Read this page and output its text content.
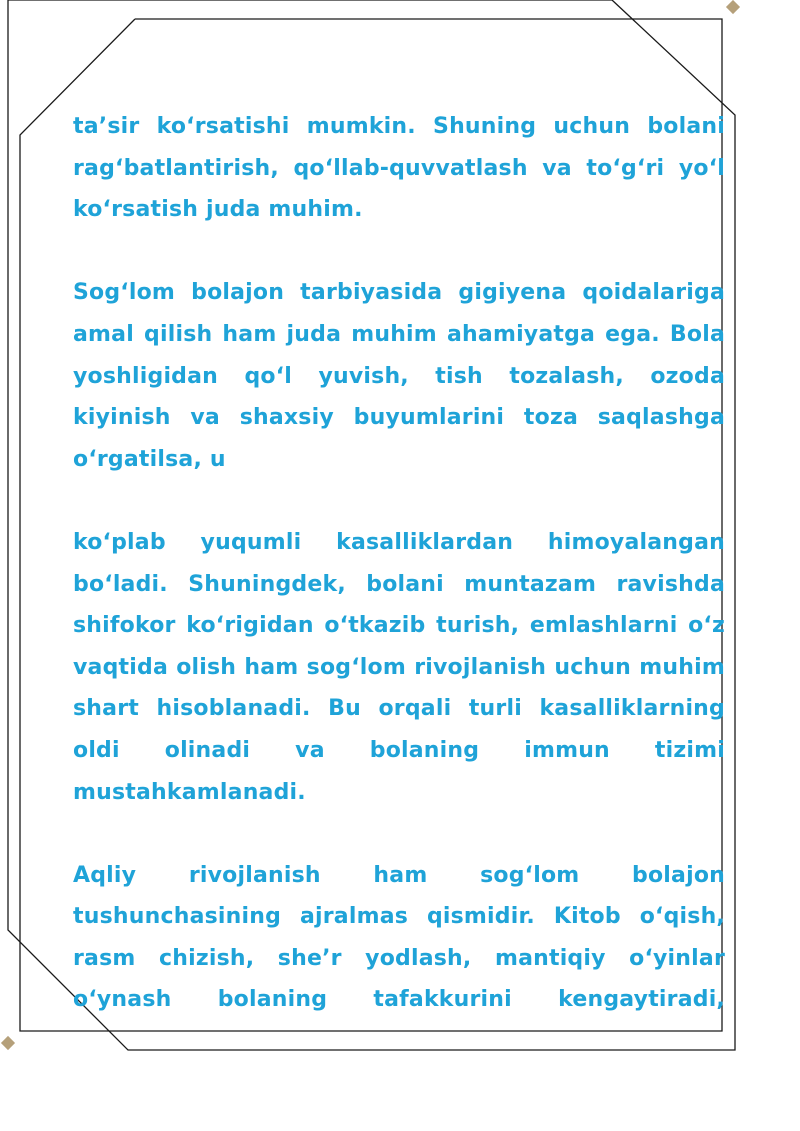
ta’sir ko‘rsatishi mumkin. Shuning uchun bolani rag‘batlantirish, qo‘llab-quvvatlash va to‘g‘ri yo‘l ko‘rsatish juda muhim.

Sog‘lom bolajon tarbiyasida gigiyena qoidalariga amal qilish ham juda muhim ahamiyatga ega. Bola yoshligidan qo‘l yuvish, tish tozalash, ozoda kiyinish va shaxsiy buyumlarini toza saqlashga o‘rgatilsa, u

ko‘plab yuqumli kasalliklardan himoyalangan bo‘ladi. Shuningdek, bolani muntazam ravishda shifokor ko‘rigidan o‘tkazib turish, emlashlarni o‘z vaqtida olish ham sog‘lom rivojlanish uchun muhim shart hisoblanadi. Bu orqali turli kasalliklarning oldi olinadi va bolaning immun tizimi mustahkamlanadi.

Aqliy rivojlanish ham sog‘lom bolajon tushunchasining ajralmas qismidir. Kitob o‘qish, rasm chizish, she’r yodlash, mantiqiy o‘yinlar o‘ynash bolaning tafakkurini kengaytiradi,
